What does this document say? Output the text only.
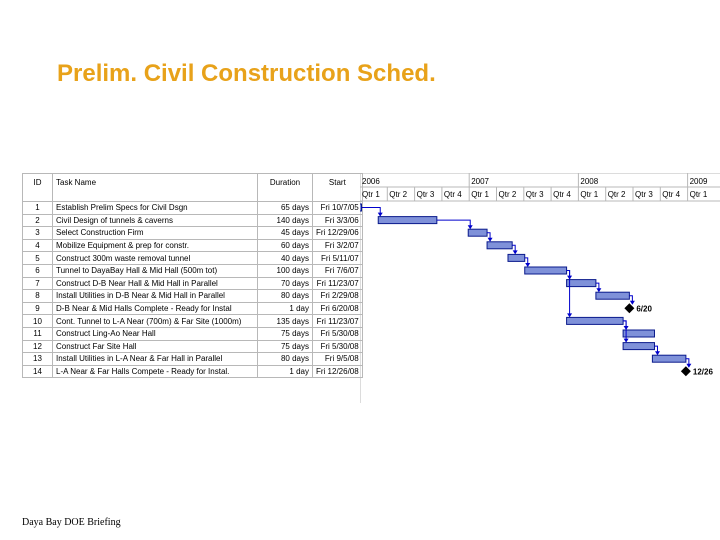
Prelim. Civil Construction Sched.
ID	Task Name	Duration	Start
1	Establish Prelim Specs for Civil Dsgn	65 days	Fri 10/7/05
2	Civil Design of tunnels & caverns	140 days	Fri 3/3/06
3	Select Construction Firm	45 days	Fri 12/29/06
4	Mobilize Equipment & prep for constr.	60 days	Fri 3/2/07
5	Construct 300m waste removal tunnel	40 days	Fri 5/11/07
6	Tunnel to DayaBay Hall & Mid Hall (500m tot)	100 days	Fri 7/6/07
7	Construct D-B Near Hall & Mid Hall in Parallel	70 days	Fri 11/23/07
8	Install Utilities in D-B Near & Mid Hall in Parallel	80 days	Fri 2/29/08
9	D-B Near & Mid Halls Complete - Ready for Instal	1 day	Fri 6/20/08
10	Cont. Tunnel to L-A Near (700m) & Far Site (1000m)	135 days	Fri 11/23/07
11	Construct Ling-Ao Near Hall	75 days	Fri 5/30/08
12	Construct Far Site Hall	75 days	Fri 5/30/08
13	Install Utilities in L-A Near & Far Hall in Parallel	80 days	Fri 9/5/08
14	L-A Near & Far Halls Compete - Ready for Instal.	1 day	Fri 12/26/08
2006	2007	2008	2009
Qtr 1 Qtr 2 Qtr 3 Qtr 4 Qtr 1 Qtr 2 Qtr 3 Qtr 4 Qtr 1 Qtr 2 Qtr 3 Qtr 4 Qtr 1
6/20
12/26
Daya Bay DOE Briefing
